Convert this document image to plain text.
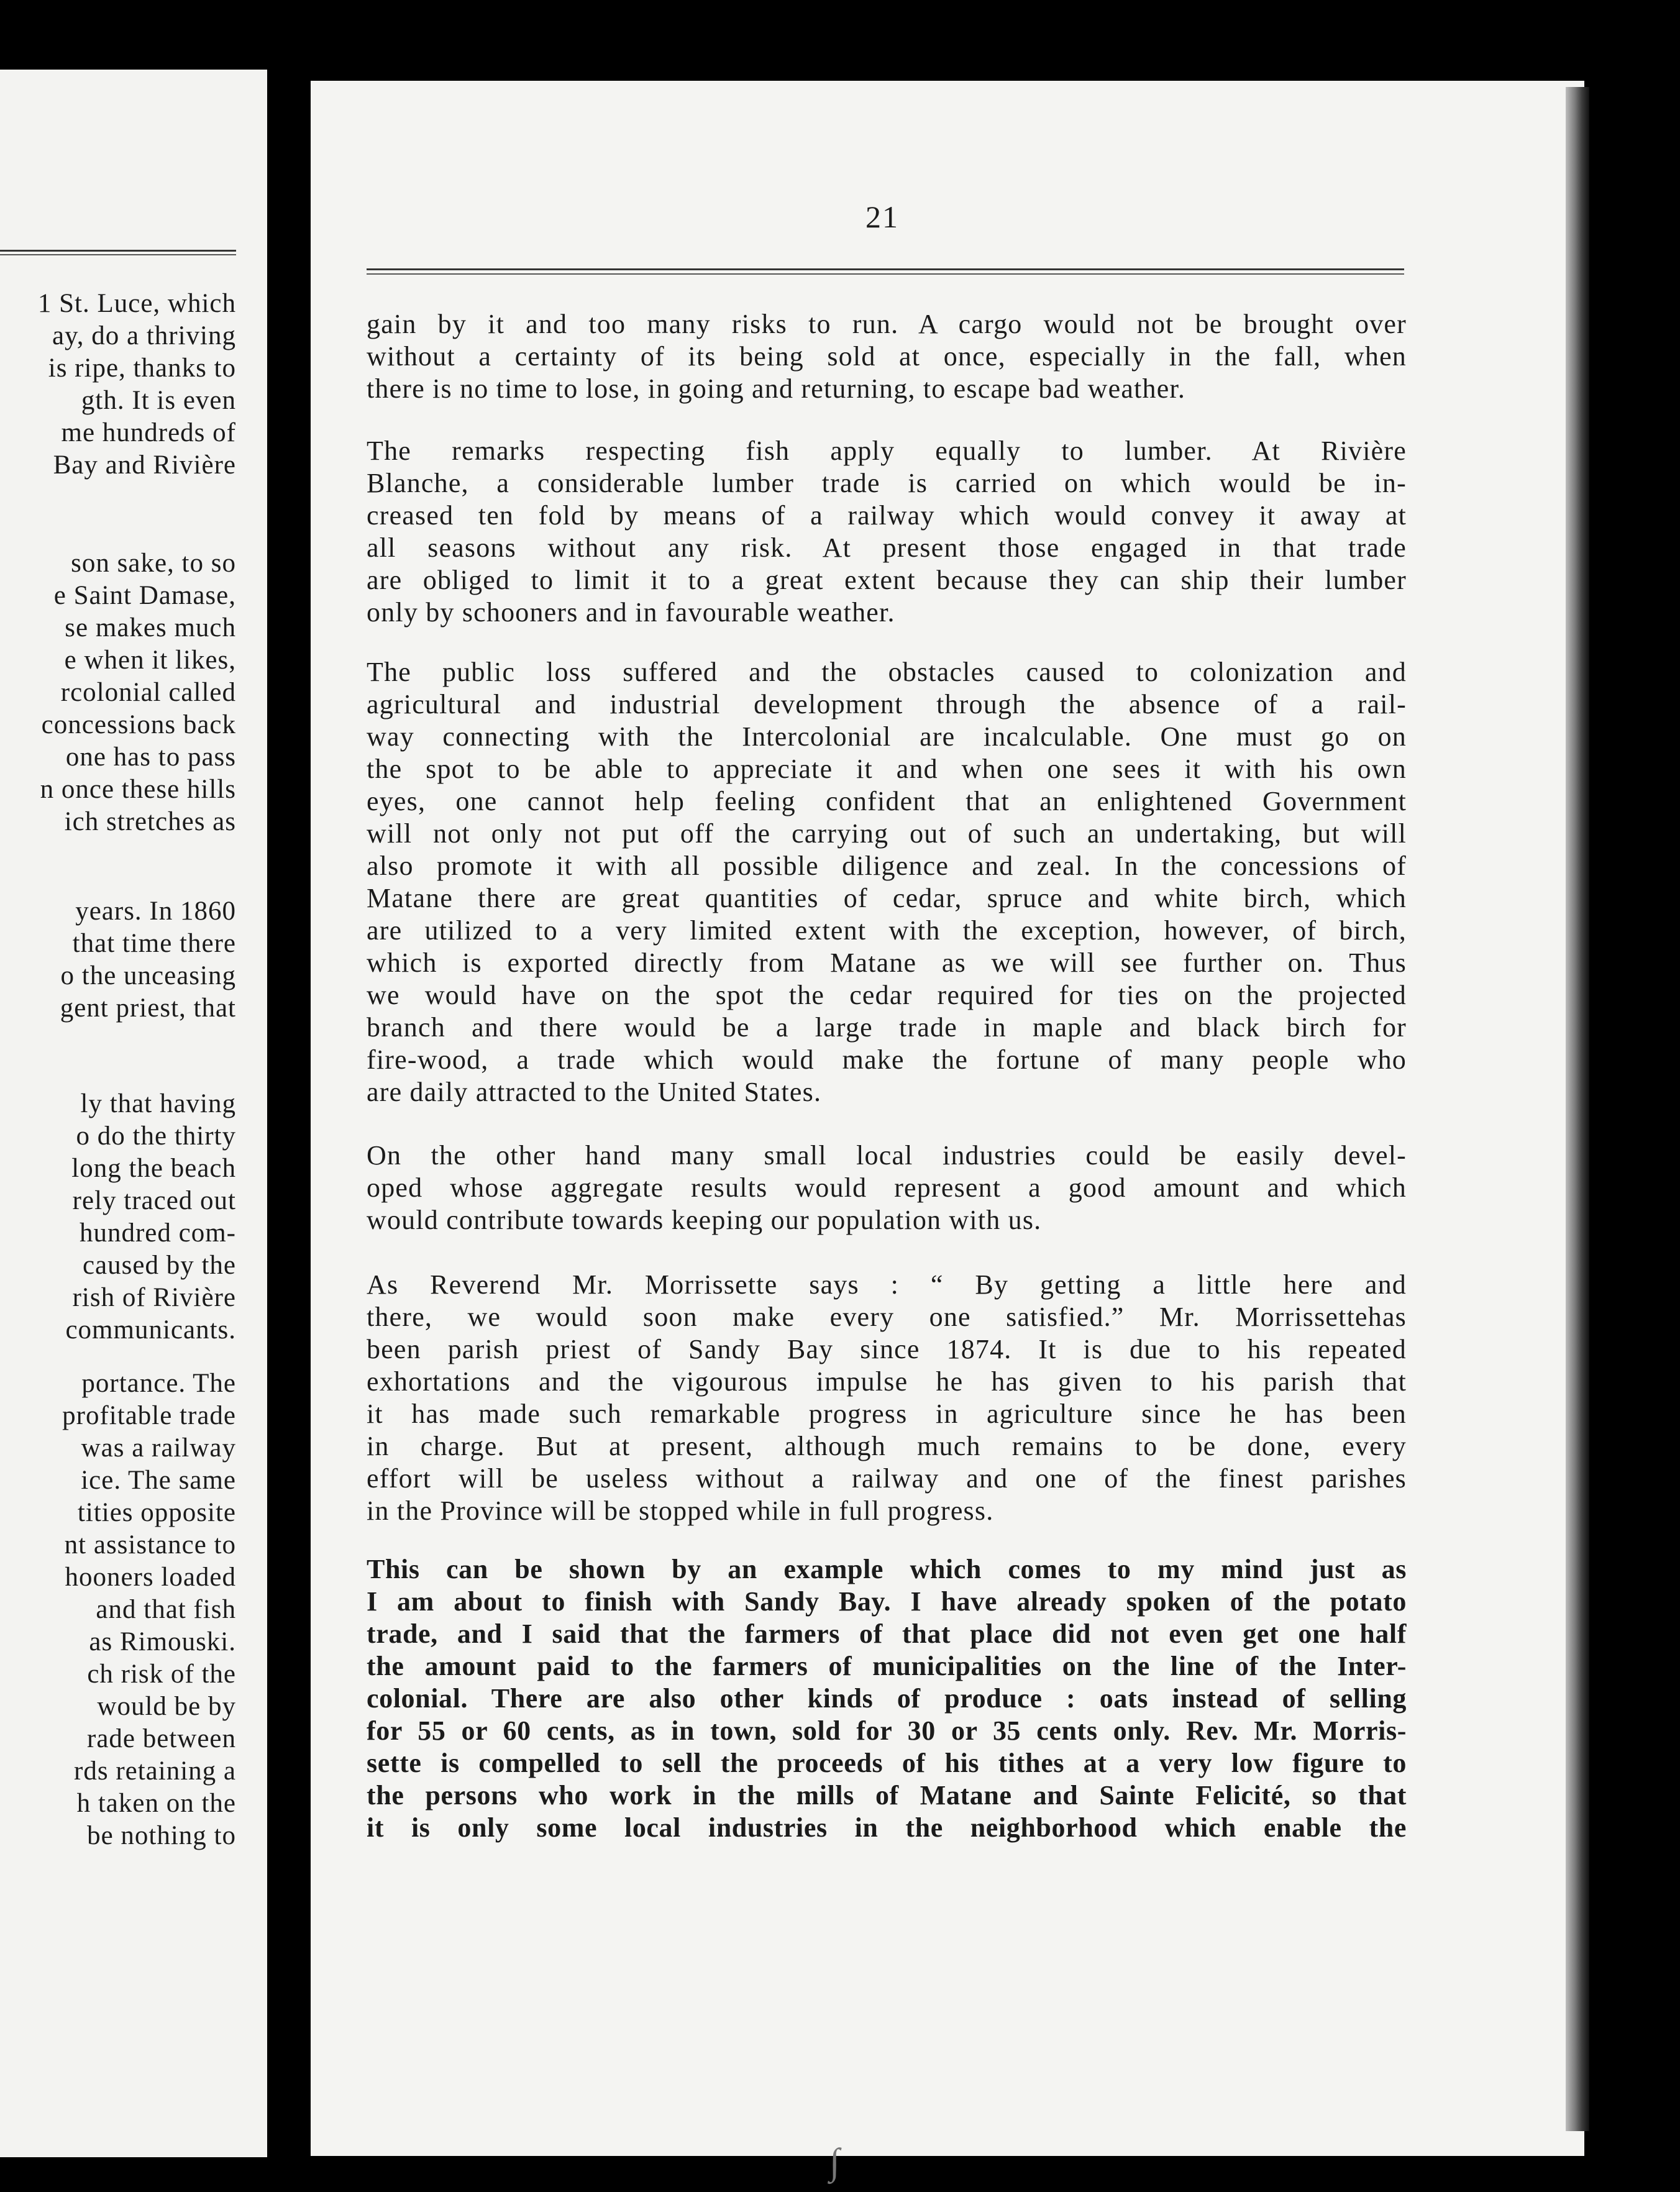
1 St. Luce, which
ay, do a thriving
is ripe, thanks to
gth. It is even
me hundreds of
Bay and Rivière
son sake, to so
e Saint Damase,
se makes much
e when it likes,
rcolonial called
concessions back
one has to pass
n once these hills
ich stretches as
years. In 1860
that time there
o the unceasing
gent priest, that
ly that having
o do the thirty
long the beach
rely traced out
hundred com-
caused by the
rish of Rivière
communicants.
portance. The
profitable trade
was a railway
ice. The same
tities opposite
nt assistance to
hooners loaded
and that fish
as Rimouski.
ch risk of the
would be by
rade between
rds retaining a
h taken on the
be nothing to
21
gain by it and too many risks to run. A cargo would not be brought over
without a certainty of its being sold at once, especially in the fall, when
there is no time to lose, in going and returning, to escape bad weather.
The remarks respecting fish apply equally to lumber. At Rivière
Blanche, a considerable lumber trade is carried on which would be in-
creased ten fold by means of a railway which would convey it away at
all seasons without any risk. At present those engaged in that trade
are obliged to limit it to a great extent because they can ship their lumber
only by schooners and in favourable weather.
The public loss suffered and the obstacles caused to colonization and
agricultural and industrial development through the absence of a rail-
way connecting with the Intercolonial are incalculable. One must go on
the spot to be able to appreciate it and when one sees it with his own
eyes, one cannot help feeling confident that an enlightened Government
will not only not put off the carrying out of such an undertaking, but will
also promote it with all possible diligence and zeal. In the concessions of
Matane there are great quantities of cedar, spruce and white birch, which
are utilized to a very limited extent with the exception, however, of birch,
which is exported directly from Matane as we will see further on. Thus
we would have on the spot the cedar required for ties on the projected
branch and there would be a large trade in maple and black birch for
fire-wood, a trade which would make the fortune of many people who
are daily attracted to the United States.
On the other hand many small local industries could be easily devel-
oped whose aggregate results would represent a good amount and which
would contribute towards keeping our population with us.
As Reverend Mr. Morrissette says : “ By getting a little here and
there, we would soon make every one satisfied.” Mr. Morrissettehas
been parish priest of Sandy Bay since 1874. It is due to his repeated
exhortations and the vigourous impulse he has given to his parish that
it has made such remarkable progress in agriculture since he has been
in charge. But at present, although much remains to be done, every
effort will be useless without a railway and one of the finest parishes
in the Province will be stopped while in full progress.
This can be shown by an example which comes to my mind just as
I am about to finish with Sandy Bay. I have already spoken of the potato
trade, and I said that the farmers of that place did not even get one half
the amount paid to the farmers of municipalities on the line of the Inter-
colonial. There are also other kinds of produce : oats instead of selling
for 55 or 60 cents, as in town, sold for 30 or 35 cents only. Rev. Mr. Morris-
sette is compelled to sell the proceeds of his tithes at a very low figure to
the persons who work in the mills of Matane and Sainte Felicité, so that
it is only some local industries in the neighborhood which enable the
∫
